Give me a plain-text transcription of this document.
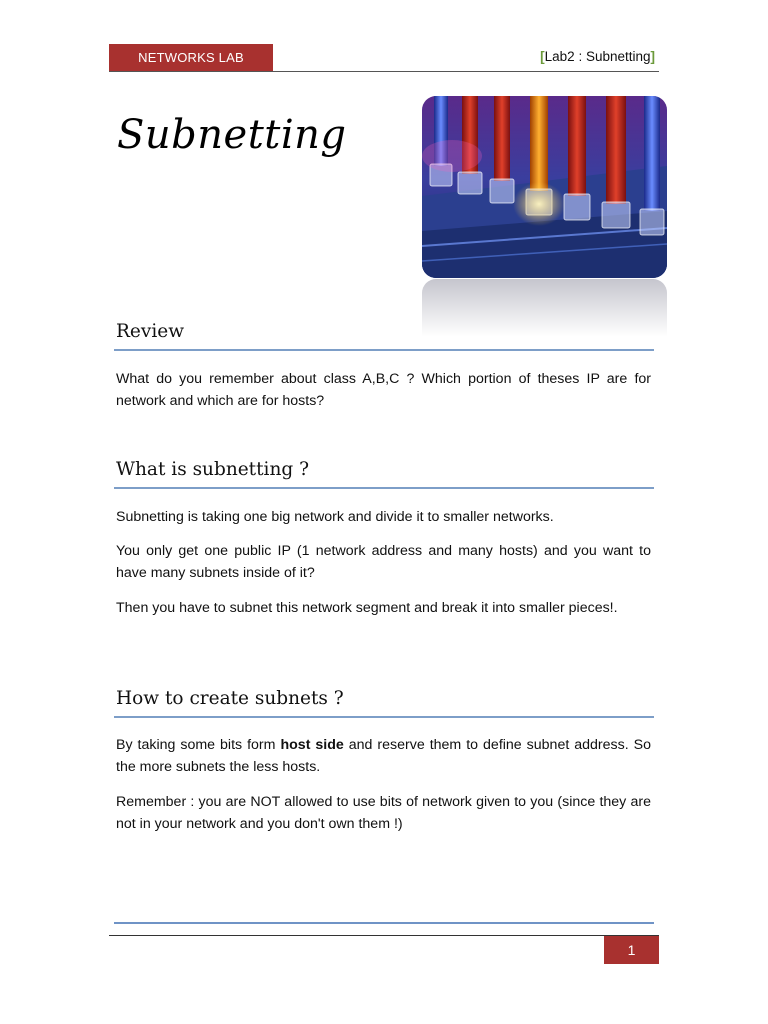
NETWORKS LAB	[Lab2 : Subnetting]
Subnetting
Review

What do you remember about class A,B,C ? Which portion of theses IP are for network and which are for hosts?

What is subnetting ?

Subnetting is taking one big network and divide it to smaller networks.

You only get one public IP (1 network address and many hosts) and you want to have many subnets inside of it?

Then you have to subnet this network segment and break it into smaller pieces!.

How to create subnets ?

By taking some bits form host side and reserve them to define subnet address. So the more subnets the less hosts.

Remember : you are NOT allowed to use bits of network given to you (since they are not in your network and you don't own them !)

1
